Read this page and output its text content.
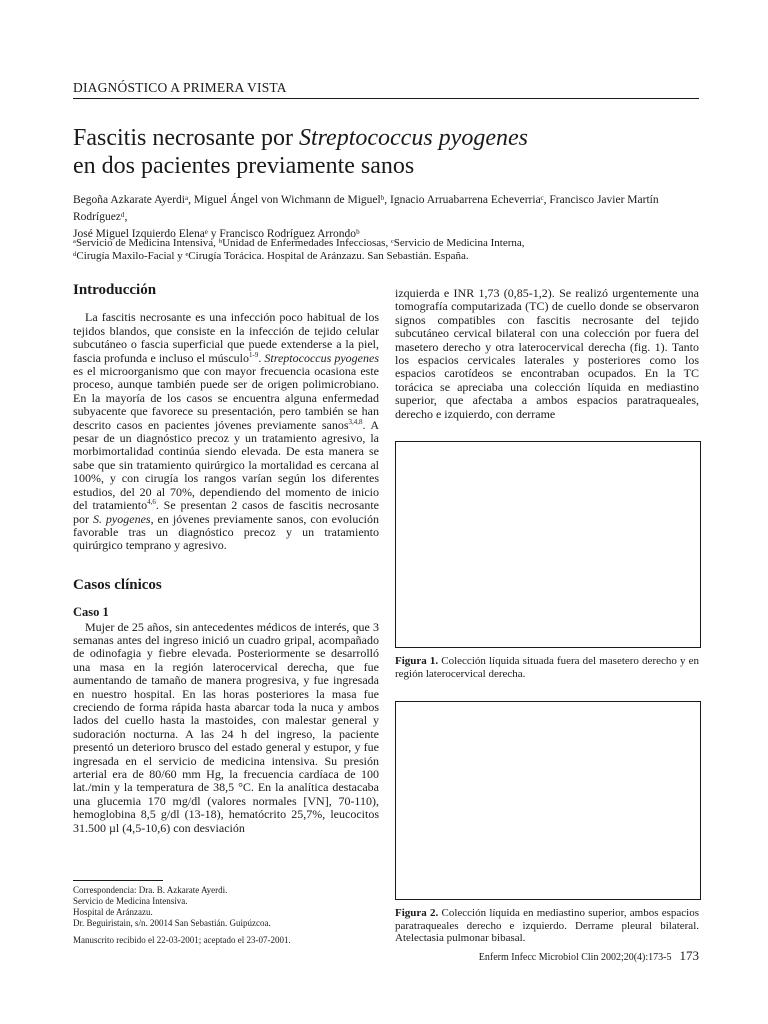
DIAGNÓSTICO A PRIMERA VISTA
Fascitis necrosante por Streptococcus pyogenes
en dos pacientes previamente sanos
Begoña Azkarate Ayerdiᵃ, Miguel Ángel von Wichmann de Miguelᵇ, Ignacio Arruabarrena Echeverriaᶜ, Francisco Javier Martín Rodríguezᵈ,
José Miguel Izquierdo Elenaᵉ y Francisco Rodríguez Arrondoᵇ
ᵃServicio de Medicina Intensiva, ᵇUnidad de Enfermedades Infecciosas, ᶜServicio de Medicina Interna,
ᵈCirugía Maxilo-Facial y ᵉCirugía Torácica. Hospital de Aránzazu. San Sebastián. España.
Introducción

La fascitis necrosante es una infección poco habitual de los tejidos blandos, que consiste en la infección de tejido celular subcutáneo o fascia superficial que puede extenderse a la piel, fascia profunda e incluso el músculo$^{1-9}$. Streptococcus pyogenes es el microorganismo que con mayor frecuencia ocasiona este proceso, aunque también puede ser de origen polimicrobiano. En la mayoría de los casos se encuentra alguna enfermedad subyacente que favorece su presentación, pero también se han descrito casos en pacientes jóvenes previamente sanos$^{3,4,8}$. A pesar de un diagnóstico precoz y un tratamiento agresivo, la morbimortalidad continúa siendo elevada. De esta manera se sabe que sin tratamiento quirúrgico la mortalidad es cercana al 100%, y con cirugía los rangos varían según los diferentes estudios, del 20 al 70%, dependiendo del momento de inicio del tratamiento$^{4,6}$. Se presentan 2 casos de fascitis necrosante por S. pyogenes, en jóvenes previamente sanos, con evolución favorable tras un diagnóstico precoz y un tratamiento quirúrgico temprano y agresivo.

Casos clínicos
Caso 1

Mujer de 25 años, sin antecedentes médicos de interés, que 3 semanas antes del ingreso inició un cuadro gripal, acompañado de odinofagia y fiebre elevada. Posteriormente se desarrolló una masa en la región laterocervical derecha, que fue aumentando de tamaño de manera progresiva, y fue ingresada en nuestro hospital. En las horas posteriores la masa fue creciendo de forma rápida hasta abarcar toda la nuca y ambos lados del cuello hasta la mastoides, con malestar general y sudoración nocturna. A las 24 h del ingreso, la paciente presentó un deterioro brusco del estado general y estupor, y fue ingresada en el servicio de medicina intensiva. Su presión arterial era de 80/60 mm Hg, la frecuencia cardíaca de 100 lat./min y la temperatura de 38,5 °C. En la analítica destacaba una glucemia 170 mg/dl (valores normales [VN], 70-110), hemoglobina 8,5 g/dl (13-18), hematócrito 25,7%, leucocitos 31.500 µl (4,5-10,6) con desviación

izquierda e INR 1,73 (0,85-1,2). Se realizó urgentemente una tomografía computarizada (TC) de cuello donde se observaron signos compatibles con fascitis necrosante del tejido subcutáneo cervical bilateral con una colección por fuera del masetero derecho y otra laterocervical derecha (fig. 1). Tanto los espacios cervicales laterales y posteriores como los espacios carotídeos se encontraban ocupados. En la TC torácica se apreciaba una colección líquida en mediastino superior, que afectaba a ambos espacios paratraqueales, derecho e izquierdo, con derrame

Figura 1. Colección líquida situada fuera del masetero derecho y en región laterocervical derecha.
Figura 2. Colección líquida en mediastino superior, ambos espacios paratraqueales derecho e izquierdo. Derrame pleural bilateral. Atelectasia pulmonar bibasal.
Correspondencia: Dra. B. Azkarate Ayerdi.
Servicio de Medicina Intensiva.
Hospital de Aránzazu.
Dr. Beguiristain, s/n. 20014 San Sebastián. Guipúzcoa.
Manuscrito recibido el 22-03-2001; aceptado el 23-07-2001.
Enferm Infecc Microbiol Clin 2002;20(4):173-5 173
